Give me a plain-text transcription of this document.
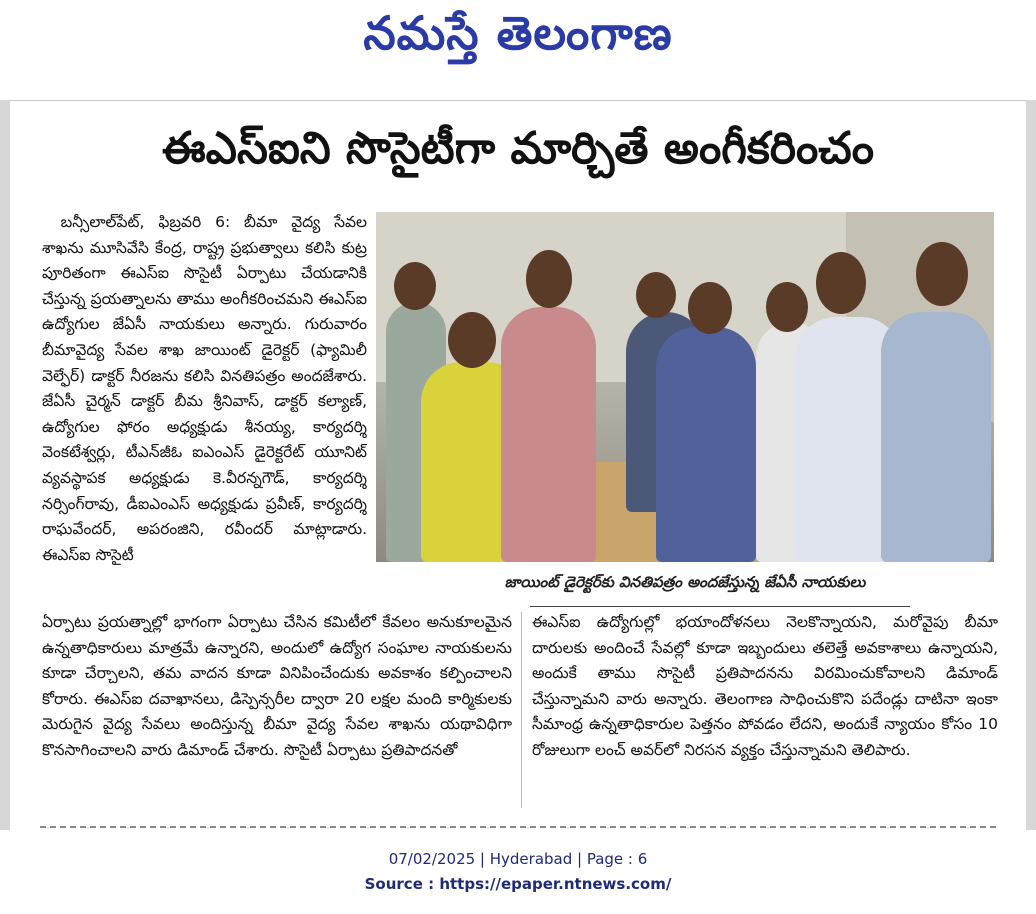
నమస్తే తెలంగాణ
ఈఎస్ఐని సొసైటీగా మార్చితే అంగీకరించం

బన్సీలాల్‌పేట్, ఫిబ్రవరి 6: బీమా వైద్య సేవల శాఖను మూసివేసి కేంద్ర, రాష్ట్ర ప్రభుత్వాలు కలిసి కుట్ర పూరితంగా ఈఎస్ఐ సొసైటీ ఏర్పాటు చేయడానికి చేస్తున్న ప్రయత్నాలను తాము అంగీకరించమని ఈఎస్ఐ ఉద్యోగుల జేఏసీ నాయకులు అన్నారు. గురువారం బీమావైద్య సేవల శాఖ జాయింట్ డైరెక్టర్ (ఫ్యామిలీ వెల్ఫేర్) డాక్టర్ నీరజను కలిసి వినతిపత్రం అందజేశారు. జేఏసీ చైర్మన్ డాక్టర్ బీమ శ్రీనివాస్, డాక్టర్ కల్యాణ్, ఉద్యోగుల ఫోరం అధ్యక్షుడు శీనయ్య, కార్యదర్శి వెంకటేశ్వర్లు, టీఎన్‌జీఓ ఐఎంఎస్ డైరెక్టరేట్ యూనిట్ వ్యవస్థాపక అధ్యక్షుడు కె.వీరన్నగౌడ్, కార్యదర్శి నర్సింగ్‌రావు, డీఐఎంఎస్ అధ్యక్షుడు ప్రవీణ్, కార్యదర్శి రాఘవేందర్, అపరంజిని, రవీందర్ మాట్లాడారు. ఈఎస్ఐ సొసైటీ

జాయింట్ డైరెక్టర్‌కు వినతిపత్రం అందజేస్తున్న జేఏసీ నాయకులు

ఏర్పాటు ప్రయత్నాల్లో భాగంగా ఏర్పాటు చేసిన కమిటీలో కేవలం అనుకూలమైన ఉన్నతాధికారులు మాత్రమే ఉన్నారని, అందులో ఉద్యోగ సంఘాల నాయకులను కూడా చేర్చాలని, తమ వాదన కూడా వినిపించేందుకు అవకాశం కల్పించాలని కోరారు. ఈఎస్ఐ దవాఖానలు, డిస్పెన్సరీల ద్వారా 20 లక్షల మంది కార్మికులకు మెరుగైన వైద్య సేవలు అందిస్తున్న బీమా వైద్య సేవల శాఖను యథావిధిగా కొనసాగించాలని వారు డిమాండ్ చేశారు. సొసైటీ ఏర్పాటు ప్రతిపాదనతో

ఈఎస్ఐ ఉద్యోగుల్లో భయాందోళనలు నెలకొన్నాయని, మరోవైపు బీమా దారులకు అందించే సేవల్లో కూడా ఇబ్బందులు తలెత్తే అవకాశాలు ఉన్నాయని, అందుకే తాము సొసైటీ ప్రతిపాదనను విరమించుకోవాలని డిమాండ్ చేస్తున్నామని వారు అన్నారు. తెలంగాణ సాధించుకొని పదేండ్లు దాటినా ఇంకా సీమాంధ్ర ఉన్నతాధికారుల పెత్తనం పోవడం లేదని, అందుకే న్యాయం కోసం 10 రోజులుగా లంచ్ అవర్‌లో నిరసన వ్యక్తం చేస్తున్నామని తెలిపారు.

07/02/2025 | Hyderabad | Page : 6
Source : https://epaper.ntnews.com/
